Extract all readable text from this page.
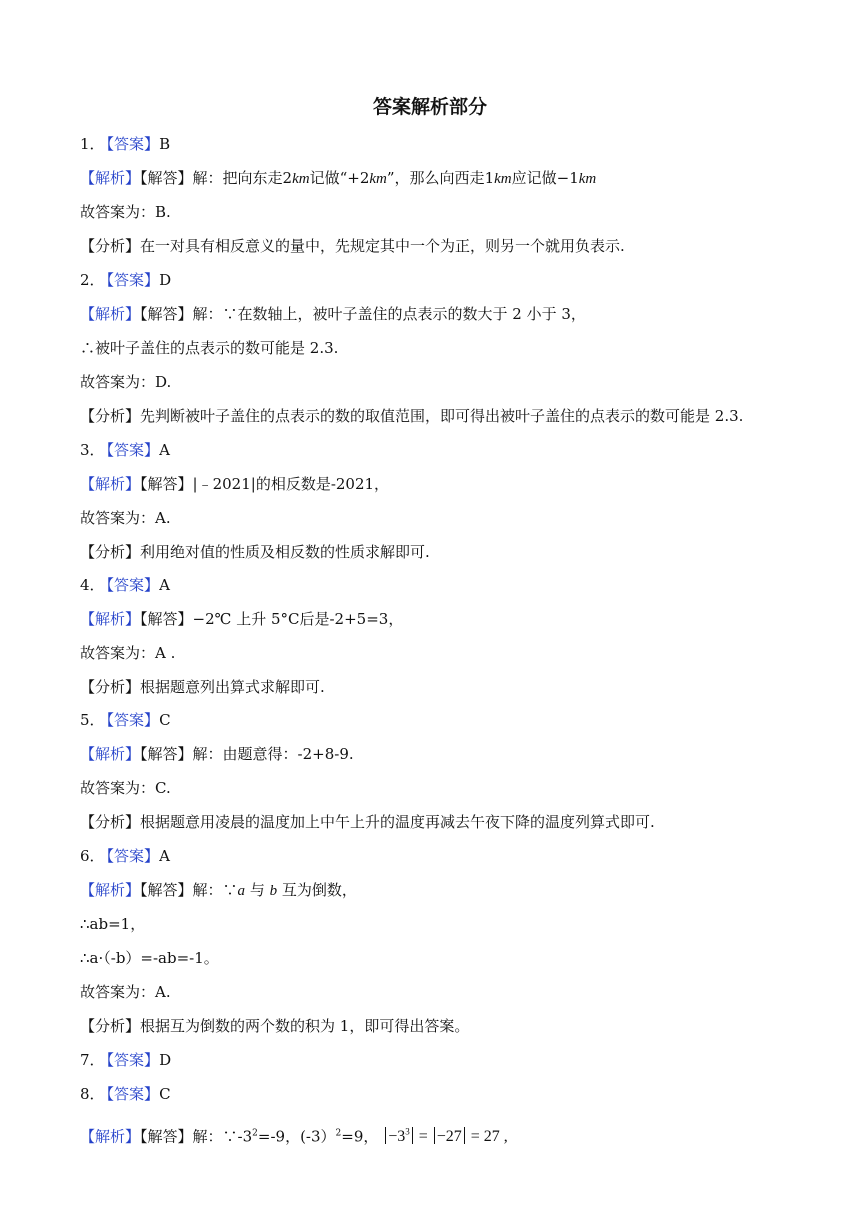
答案解析部分
1． 【答案】B
【解析】【解答】解：把向东走2km记做“+2km”，那么向西走1km应记做−1km
故答案为：B.
【分析】在一对具有相反意义的量中，先规定其中一个为正，则另一个就用负表示.
2． 【答案】D
【解析】【解答】解：∵在数轴上，被叶子盖住的点表示的数大于 2 小于 3，
∴被叶子盖住的点表示的数可能是 2.3.
故答案为：D.
【分析】先判断被叶子盖住的点表示的数的取值范围，即可得出被叶子盖住的点表示的数可能是 2.3.
3． 【答案】A
【解析】【解答】|﹣2021|的相反数是-2021，
故答案为：A.
【分析】利用绝对值的性质及相反数的性质求解即可.
4． 【答案】A
【解析】【解答】−2℃ 上升 5°C后是-2+5=3，
故答案为：A .
【分析】根据题意列出算式求解即可.
5． 【答案】C
【解析】【解答】解：由题意得：-2+8-9.
故答案为：C.
【分析】根据题意用凌晨的温度加上中午上升的温度再减去午夜下降的温度列算式即可.
6． 【答案】A
【解析】【解答】解：∵a 与 b 互为倒数，
∴ab=1，
∴a·（-b）=-ab=-1。
故答案为：A.
【分析】根据互为倒数的两个数的积为 1，即可得出答案。
7． 【答案】D
8． 【答案】C
【解析】【解答】解：$\because-3^2=-9$，(-3）$^2$=9， $-3^3 = -27 = 27$ ,
